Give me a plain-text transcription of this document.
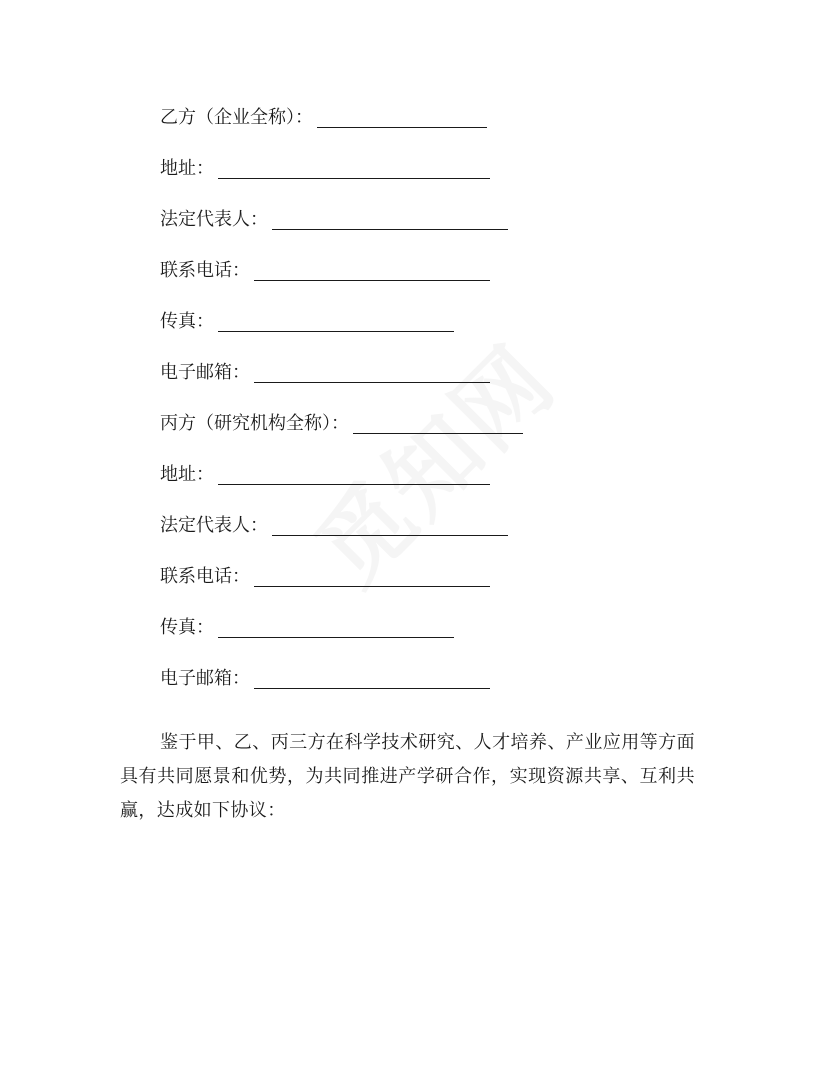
觅知网
乙方（企业全称）：
地址：
法定代表人：
联系电话：
传真：
电子邮箱：
丙方（研究机构全称）：
地址：
法定代表人：
联系电话：
传真：
电子邮箱：

鉴于甲、乙、丙三方在科学技术研究、人才培养、产业应用等方面具有共同愿景和优势，为共同推进产学研合作，实现资源共享、互利共赢，达成如下协议：
